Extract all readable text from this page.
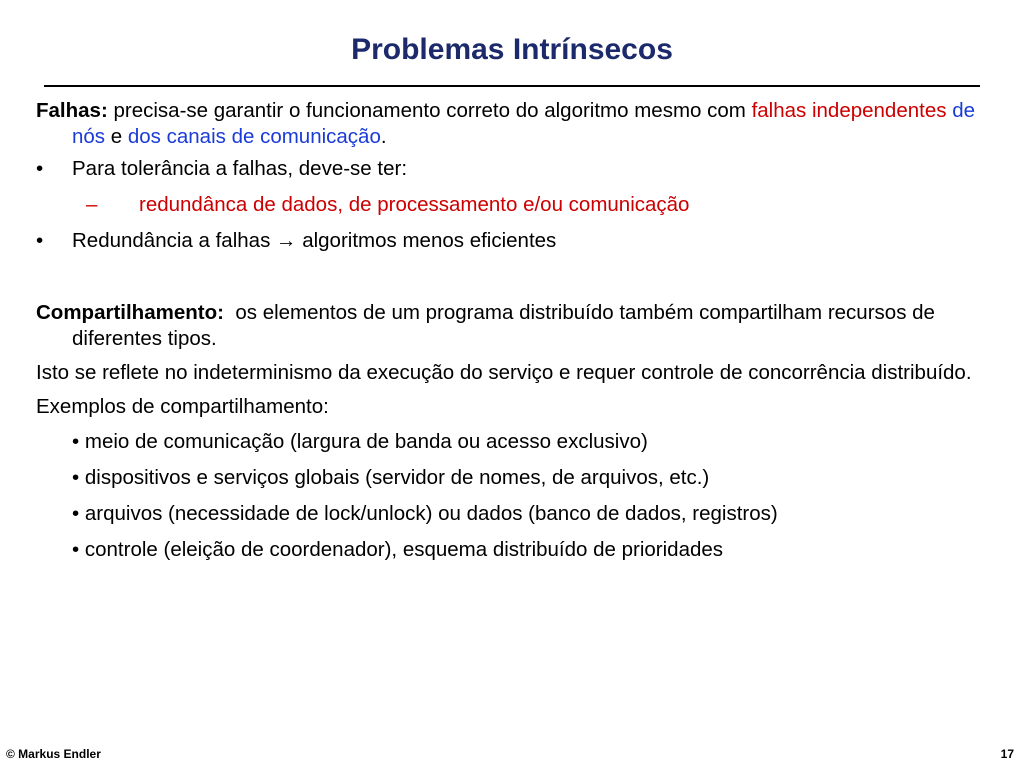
Problemas Intrínsecos

Falhas: precisa-se garantir o funcionamento correto do algoritmo mesmo com falhas independentes de nós e dos canais de comunicação.

• Para tolerância a falhas, deve-se ter:

– redundânca de dados, de processamento e/ou comunicação

• Redundância a falhas → algoritmos menos eficientes

Compartilhamento: os elementos de um programa distribuído também compartilham recursos de diferentes tipos.

Isto se reflete no indeterminismo da execução do serviço e requer controle de concorrência distribuído.

Exemplos de compartilhamento:

• meio de comunicação (largura de banda ou acesso exclusivo)

• dispositivos e serviços globais (servidor de nomes, de arquivos, etc.)

• arquivos (necessidade de lock/unlock) ou dados (banco de dados, registros)

• controle (eleição de coordenador), esquema distribuído de prioridades

© Markus Endler	17
